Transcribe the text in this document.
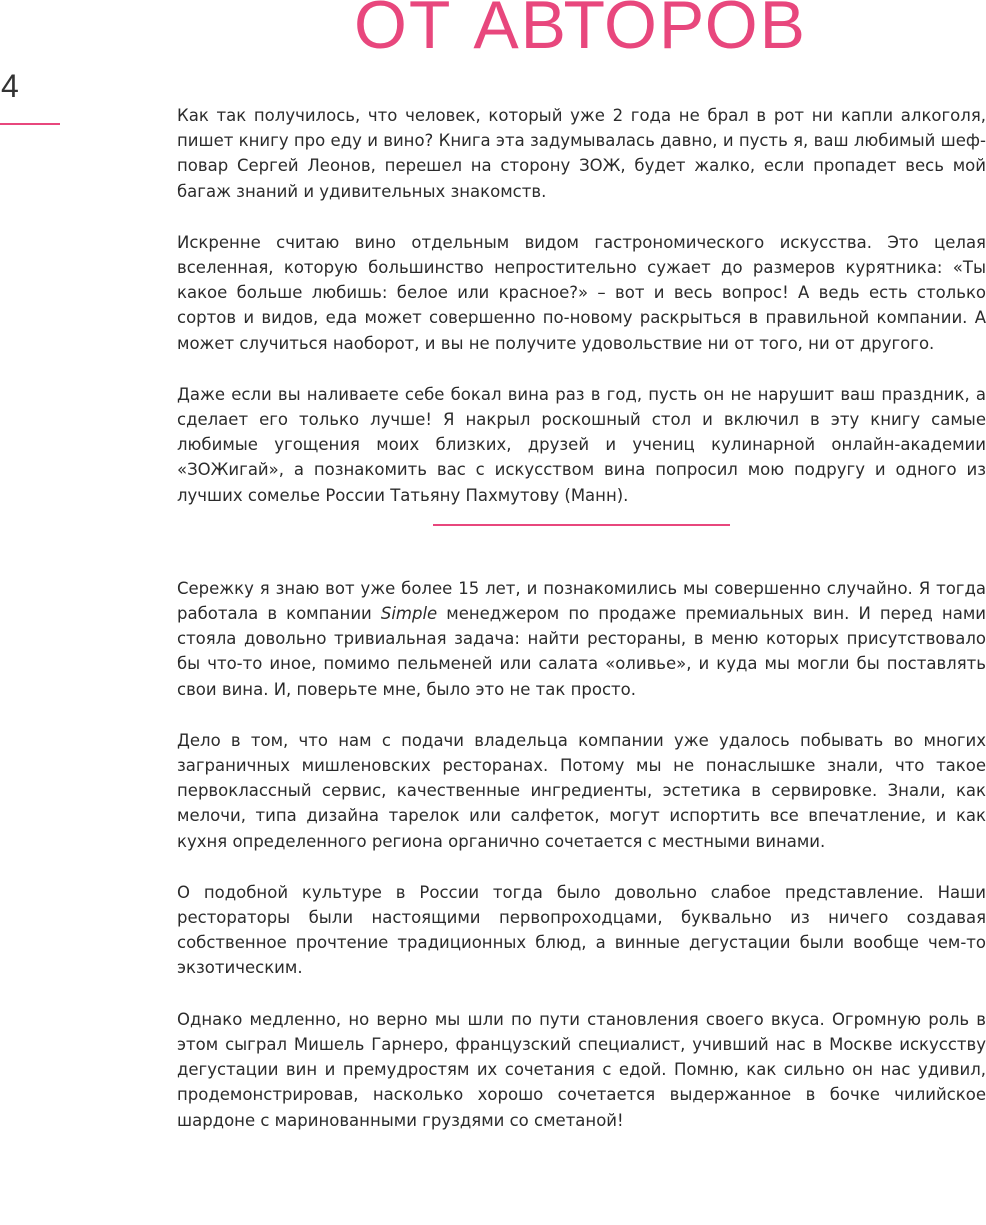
ОТ АВТОРОВ
4

Как так получилось, что человек, который уже 2 года не брал в рот ни капли алкоголя, пишет книгу про еду и вино? Книга эта задумывалась давно, и пусть я, ваш любимый шеф-повар Сергей Леонов, перешел на сторону ЗОЖ, будет жалко, если пропадет весь мой багаж знаний и удивительных знакомств.

Искренне считаю вино отдельным видом гастрономического искусства. Это целая вселенная, которую большинство непростительно сужает до размеров курятника: «Ты какое больше любишь: белое или красное?» – вот и весь вопрос! А ведь есть столько сортов и видов, еда может совершенно по-новому раскрыться в правильной компании. А может случиться наоборот, и вы не получите удовольствие ни от того, ни от другого.

Даже если вы наливаете себе бокал вина раз в год, пусть он не нарушит ваш праздник, а сделает его только лучше! Я накрыл роскошный стол и включил в эту книгу самые любимые угощения моих близких, друзей и учениц кулинарной онлайн-академии «ЗОЖигай», а познакомить вас с искусством вина попросил мою подругу и одного из лучших сомелье России Татьяну Пахмутову (Манн).

Сережку я знаю вот уже более 15 лет, и познакомились мы совершенно случайно. Я тогда работала в компании Simple менеджером по продаже премиальных вин. И перед нами стояла довольно тривиальная задача: найти рестораны, в меню которых присутствовало бы что-то иное, помимо пельменей или салата «оливье», и куда мы могли бы поставлять свои вина. И, поверьте мне, было это не так просто.

Дело в том, что нам с подачи владельца компании уже удалось побывать во многих заграничных мишленовских ресторанах. Потому мы не понаслышке знали, что такое первоклассный сервис, качественные ингредиенты, эстетика в сервировке. Знали, как мелочи, типа дизайна тарелок или салфеток, могут испортить все впечатление, и как кухня определенного региона органично сочетается с местными винами.

О подобной культуре в России тогда было довольно слабое представление. Наши рестораторы были настоящими первопроходцами, буквально из ничего создавая собственное прочтение традиционных блюд, а винные дегустации были вообще чем-то экзотическим.

Однако медленно, но верно мы шли по пути становления своего вкуса. Огромную роль в этом сыграл Мишель Гарнеро, французский специалист, учивший нас в Москве искусству дегустации вин и премудростям их сочетания с едой. Помню, как сильно он нас удивил, продемонстрировав, насколько хорошо сочетается выдержанное в бочке чилийское шардоне с маринованными груздями со сметаной!
